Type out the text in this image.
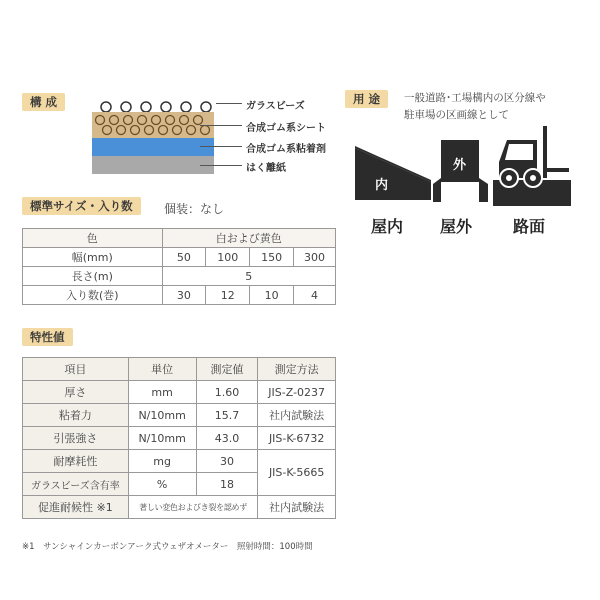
構 成	ガラスビーズ
合成ゴム系シート
合成ゴム系粘着剤
はく離紙
用 途	一般道路･工場構内の区分線や
駐車場の区画線として
内
外
屋内 屋外	路面
標準サイズ・入り数	個装：なし
色	白および黄色			
幅(mm)	50	100	150	300
長さ(m)	5			
入り数(巻)	30	12	10	4
特性値
項目	単位	測定値	測定方法
厚さ	mm	1.60	JIS-Z-0237
粘着力	N/10mm	15.7	社内試験法
引張強さ	N/10mm	43.0	JIS-K-6732
耐摩耗性	mg	30	JIS-K-5665
ガラスビーズ含有率	%	18	
促進耐候性 ※1	著しい変色およびき裂を認めず		社内試験法
※1　サンシャインカーボンアーク式ウェザオメーター　照射時間：100時間
